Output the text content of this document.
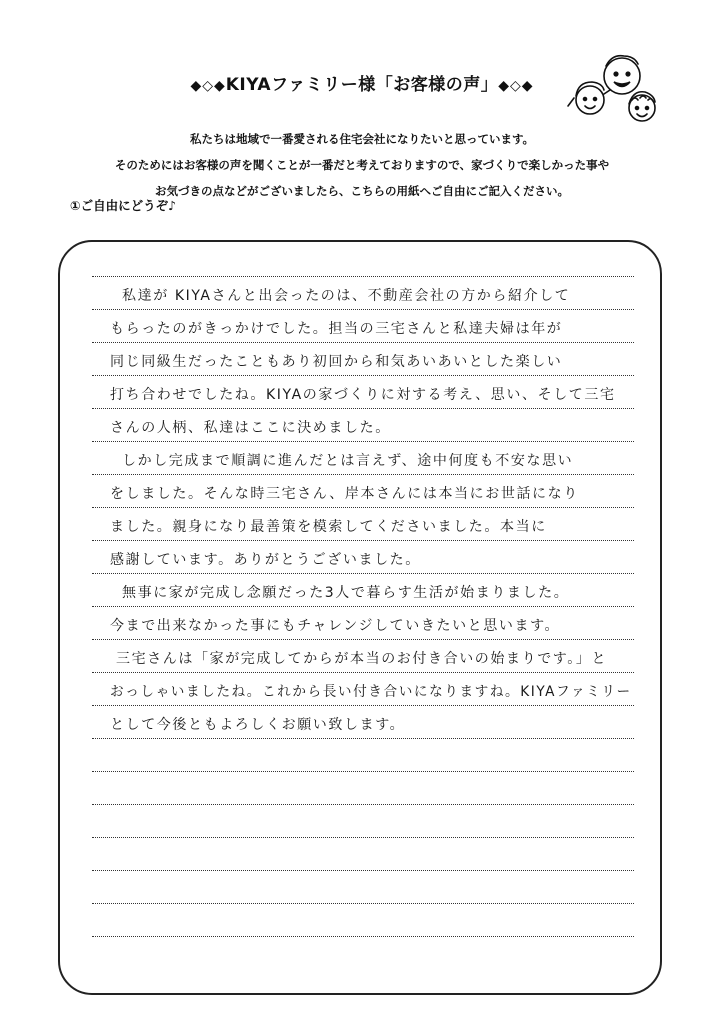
◆◇◆KIYAファミリー様「お客様の声」◆◇◆
私たちは地域で一番愛される住宅会社になりたいと思っています。
そのためにはお客様の声を聞くことが一番だと考えておりますので、家づくりで楽しかった事や
お気づきの点などがございましたら、こちらの用紙へご自由にご記入ください。
①ご自由にどうぞ♪
私達が KIYAさんと出会ったのは、不動産会社の方から紹介して
もらったのがきっかけでした。担当の三宅さんと私達夫婦は年が
同じ同級生だったこともあり初回から和気あいあいとした楽しい
打ち合わせでしたね。KIYAの家づくりに対する考え、思い、そして三宅
さんの人柄、私達はここに決めました。
しかし完成まで順調に進んだとは言えず、途中何度も不安な思い
をしました。そんな時三宅さん、岸本さんには本当にお世話になり
ました。親身になり最善策を模索してくださいました。本当に
感謝しています。ありがとうございました。
無事に家が完成し念願だった3人で暮らす生活が始まりました。
今まで出来なかった事にもチャレンジしていきたいと思います。
三宅さんは「家が完成してからが本当のお付き合いの始まりです。」と
おっしゃいましたね。これから長い付き合いになりますね。KIYAファミリー
として今後ともよろしくお願い致します。
